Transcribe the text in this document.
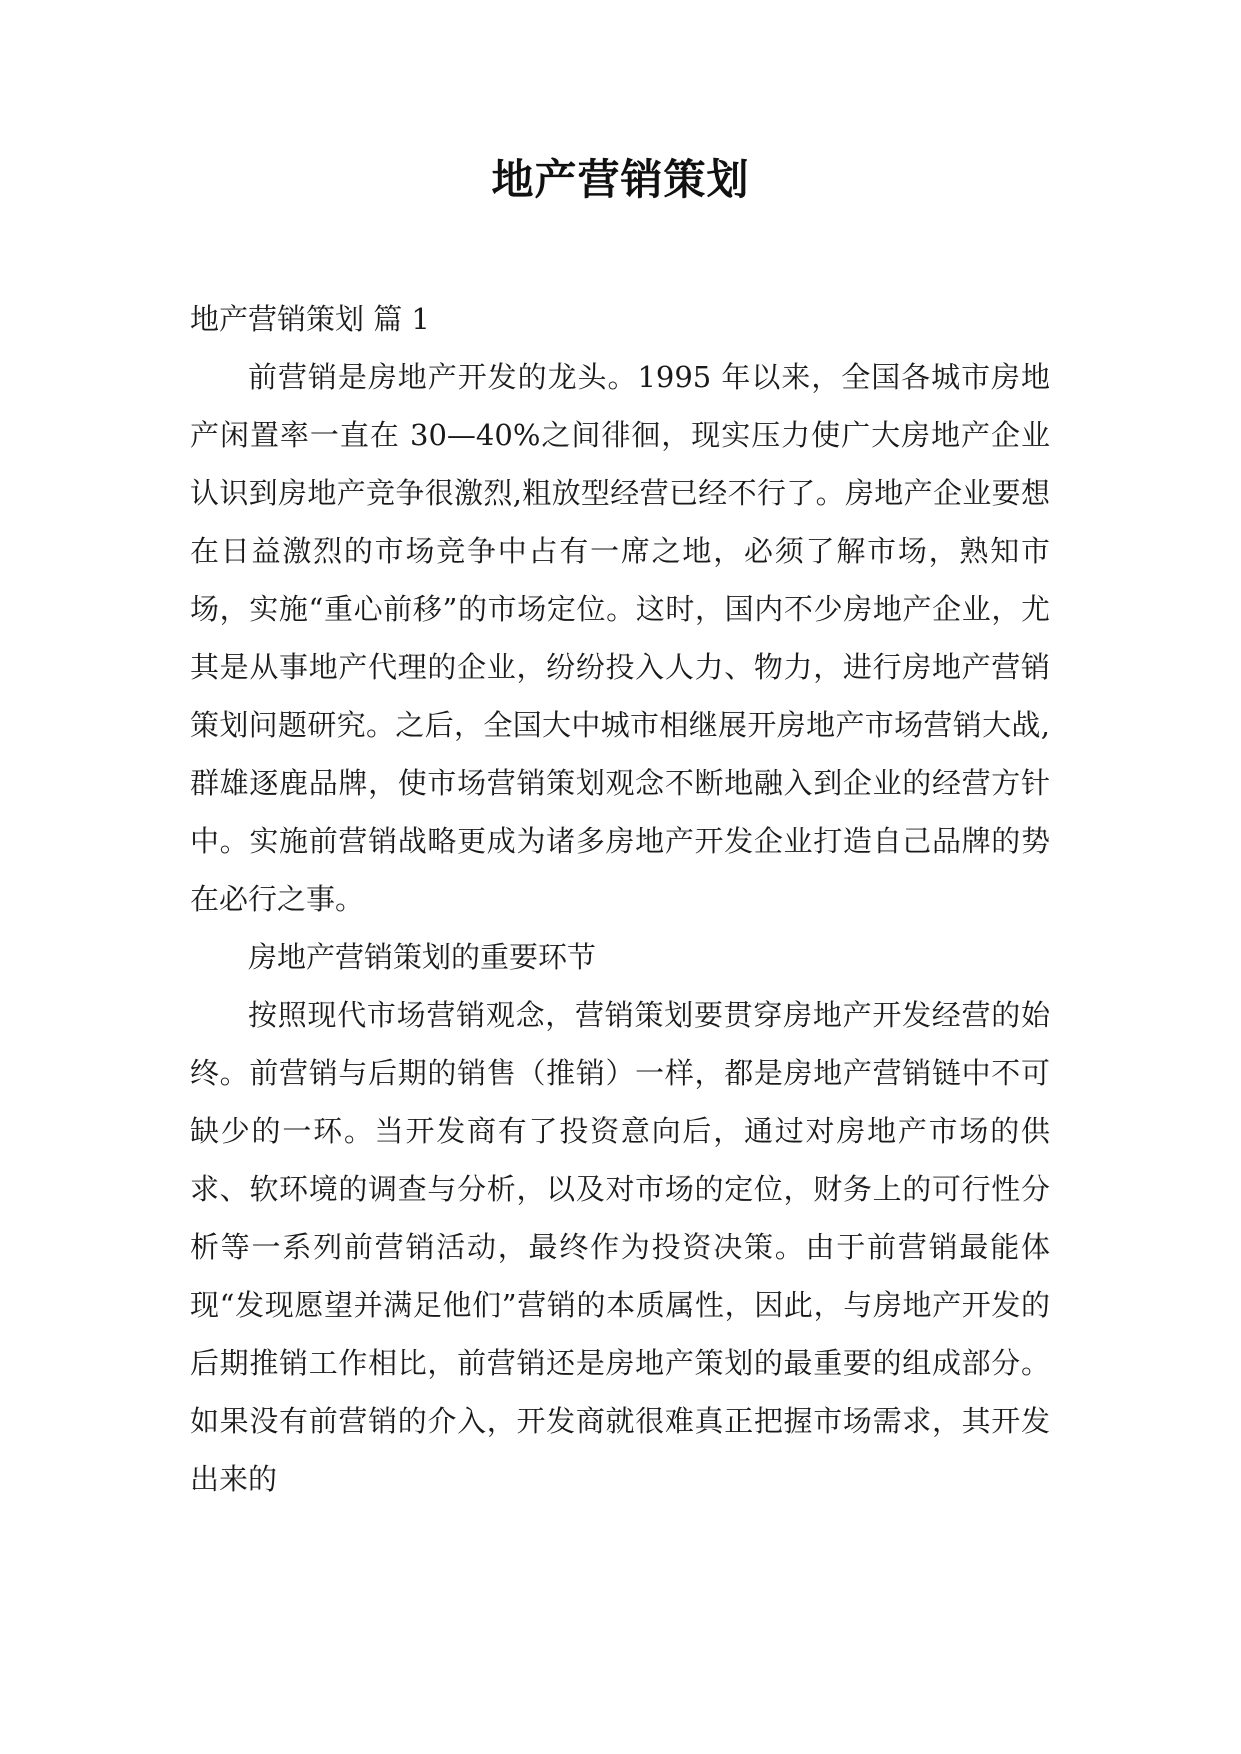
地产营销策划

地产营销策划 篇 1

前营销是房地产开发的龙头。1995 年以来，全国各城市房地产闲置率一直在 30—40%之间徘徊，现实压力使广大房地产企业认识到房地产竞争很激烈,粗放型经营已经不行了。房地产企业要想在日益激烈的市场竞争中占有一席之地，必须了解市场，熟知市场，实施“重心前移”的市场定位。这时，国内不少房地产企业，尤其是从事地产代理的企业，纷纷投入人力、物力，进行房地产营销策划问题研究。之后，全国大中城市相继展开房地产市场营销大战,群雄逐鹿品牌，使市场营销策划观念不断地融入到企业的经营方针中。实施前营销战略更成为诸多房地产开发企业打造自己品牌的势在必行之事。

房地产营销策划的重要环节

按照现代市场营销观念，营销策划要贯穿房地产开发经营的始终。前营销与后期的销售（推销）一样，都是房地产营销链中不可缺少的一环。当开发商有了投资意向后，通过对房地产市场的供求、软环境的调查与分析，以及对市场的定位，财务上的可行性分析等一系列前营销活动，最终作为投资决策。由于前营销最能体现“发现愿望并满足他们”营销的本质属性，因此，与房地产开发的后期推销工作相比，前营销还是房地产策划的最重要的组成部分。如果没有前营销的介入，开发商就很难真正把握市场需求，其开发出来的
